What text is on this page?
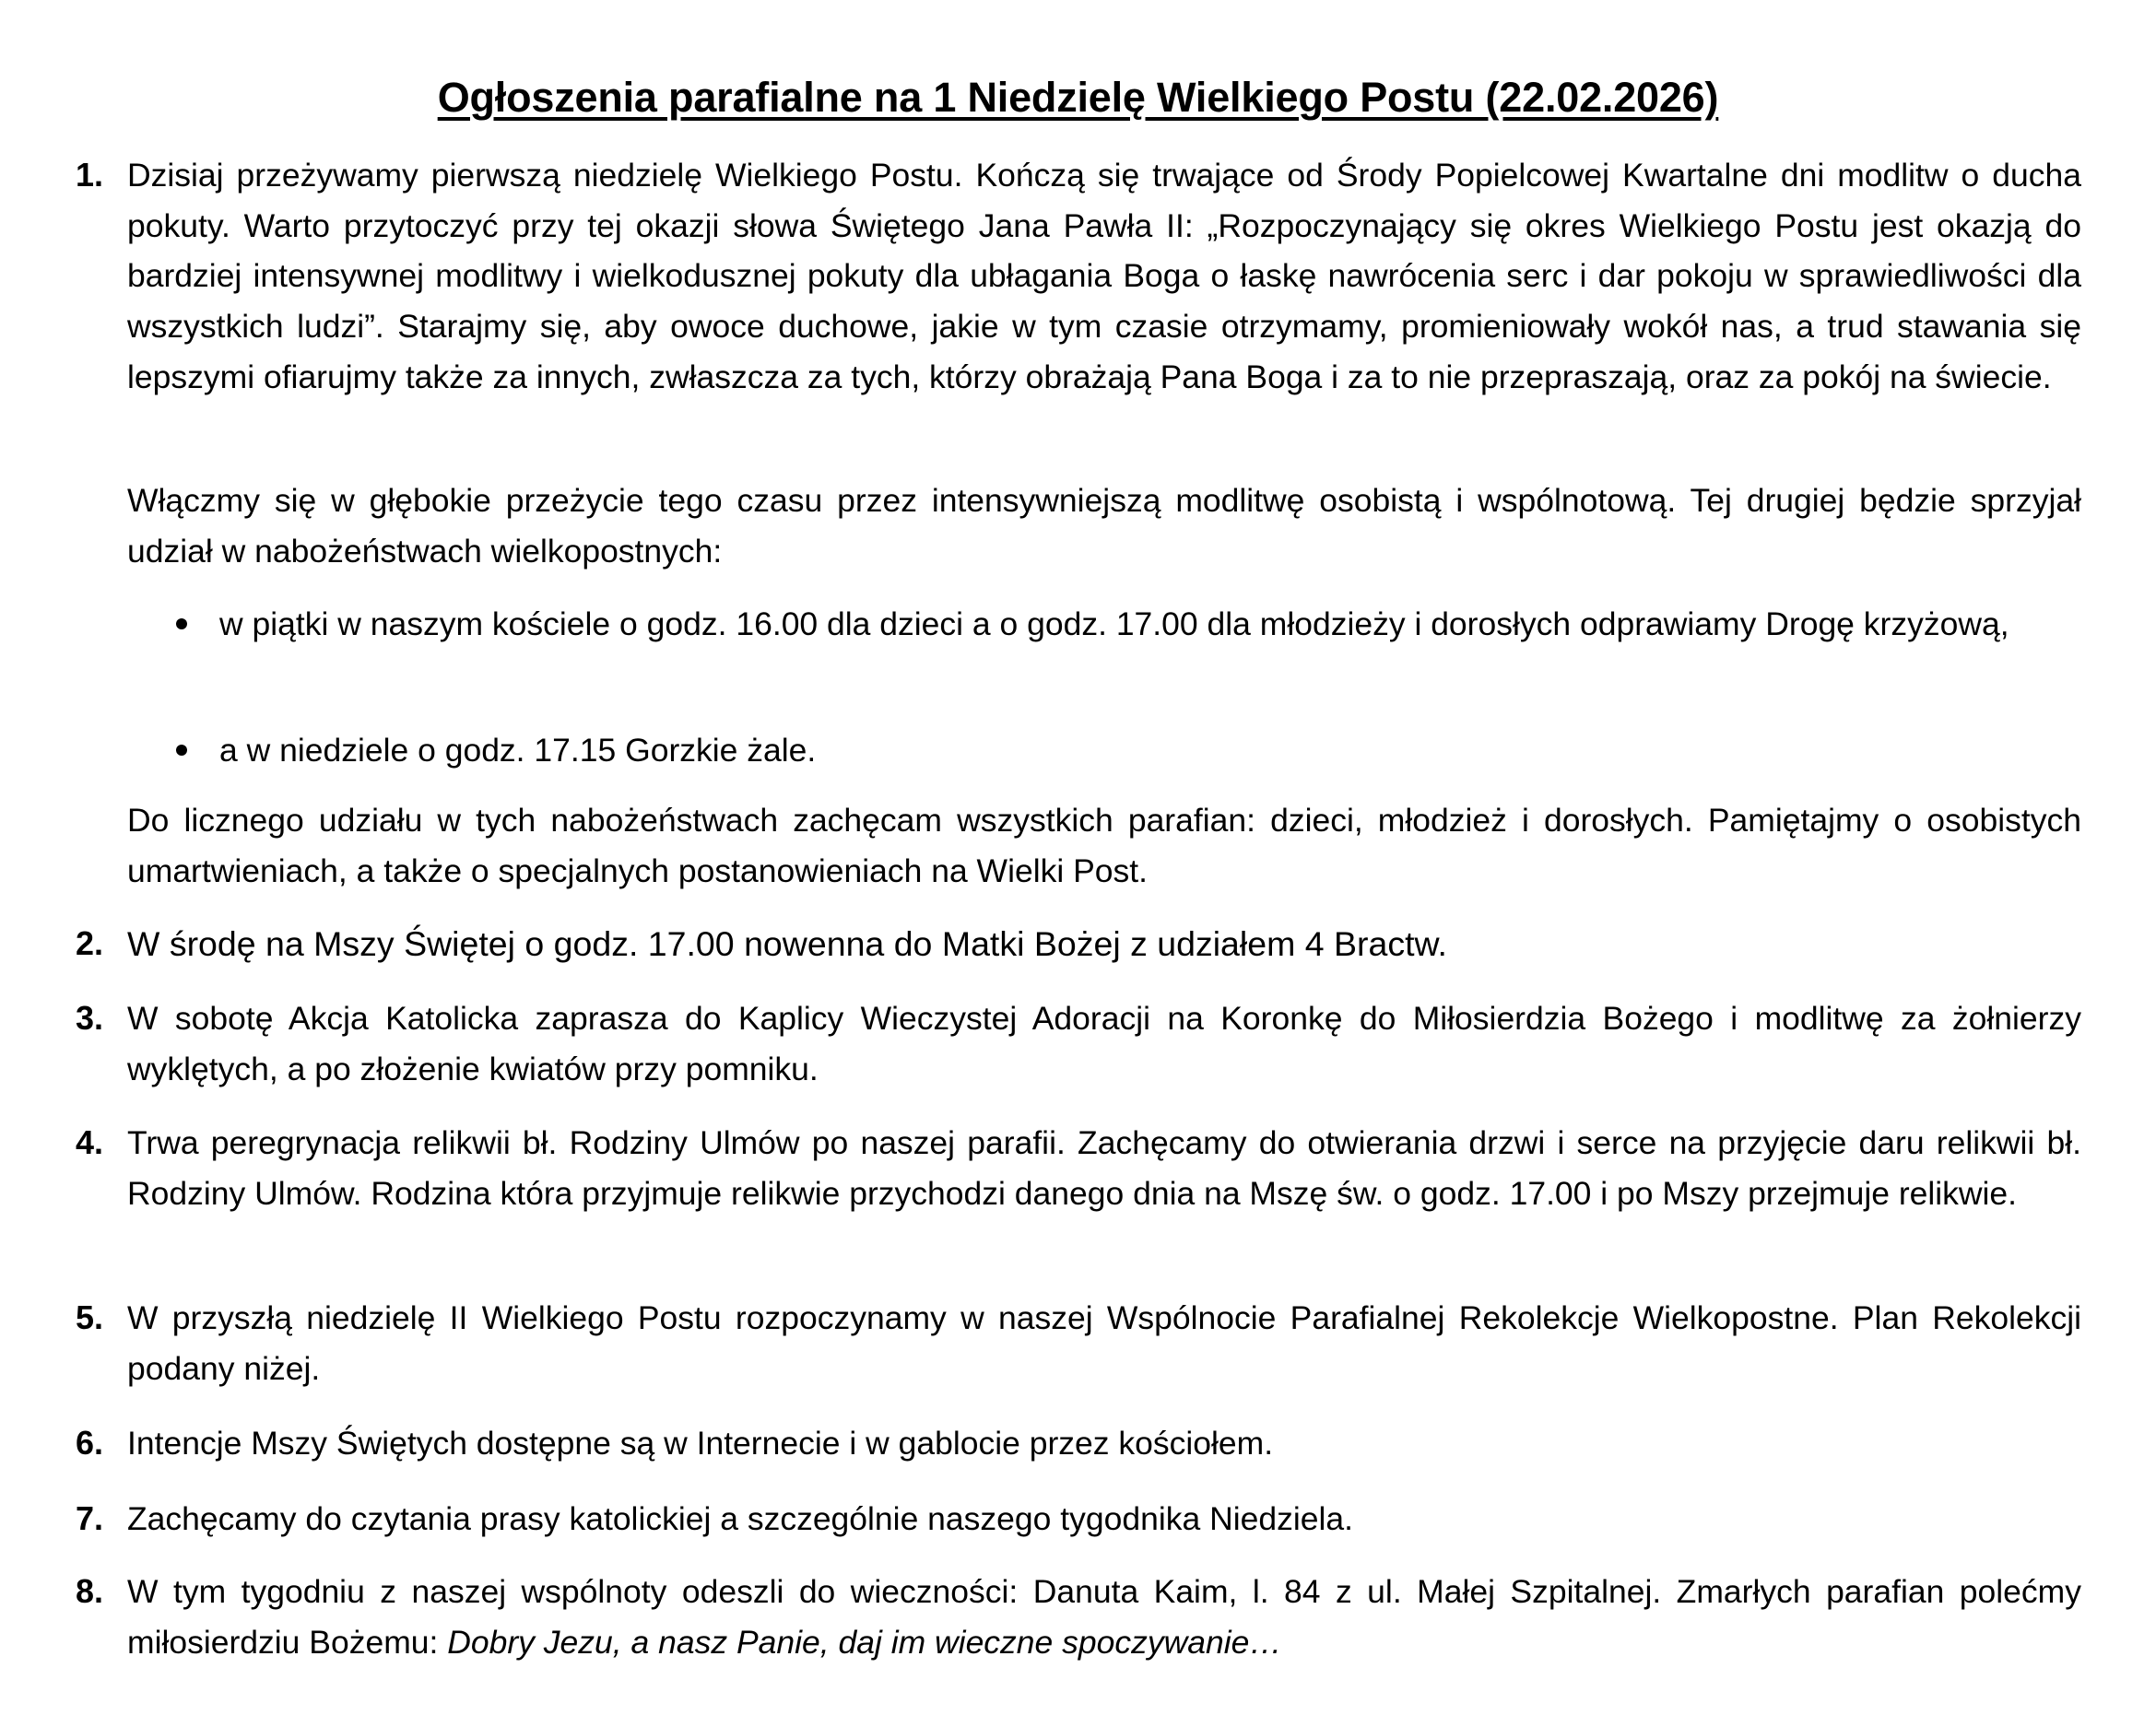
Ogłoszenia parafialne na 1 Niedzielę Wielkiego Postu (22.02.2026)
1. Dzisiaj przeżywamy pierwszą niedzielę Wielkiego Postu. Kończą się trwające od Środy Popielcowej Kwartalne dni modlitw o ducha pokuty. Warto przytoczyć przy tej okazji słowa Świętego Jana Pawła II: „Rozpoczynający się okres Wielkiego Postu jest okazją do bardziej intensywnej modlitwy i wielkodusznej pokuty dla ubłagania Boga o łaskę nawrócenia serc i dar pokoju w sprawiedliwości dla wszystkich ludzi”. Starajmy się, aby owoce duchowe, jakie w tym czasie otrzymamy, promieniowały wokół nas, a trud stawania się lepszymi ofiarujmy także za innych, zwłaszcza za tych, którzy obrażają Pana Boga i za to nie przepraszają, oraz za pokój na świecie.
Włączmy się w głębokie przeżycie tego czasu przez intensywniejszą modlitwę osobistą i wspólnotową. Tej drugiej będzie sprzyjał udział w nabożeństwach wielkopostnych:
w piątki w naszym kościele o godz. 16.00 dla dzieci a o godz. 17.00 dla młodzieży i dorosłych odprawiamy Drogę krzyżową,
a w niedziele o godz. 17.15 Gorzkie żale.
Do licznego udziału w tych nabożeństwach zachęcam wszystkich parafian: dzieci, młodzież i dorosłych. Pamiętajmy o osobistych umartwieniach, a także o specjalnych postanowieniach na Wielki Post.
2. W środę na Mszy Świętej o godz. 17.00 nowenna do Matki Bożej z udziałem 4 Bractw.
3. W sobotę Akcja Katolicka zaprasza do Kaplicy Wieczystej Adoracji na Koronkę do Miłosierdzia Bożego i modlitwę za żołnierzy wyklętych, a po złożenie kwiatów przy pomniku.
4. Trwa peregrynacja relikwii bł. Rodziny Ulmów po naszej parafii. Zachęcamy do otwierania drzwi i serce na przyjęcie daru relikwii bł. Rodziny Ulmów. Rodzina która przyjmuje relikwie przychodzi danego dnia na Mszę św. o godz. 17.00 i po Mszy przejmuje relikwie.
5. W przyszłą niedzielę II Wielkiego Postu rozpoczynamy w naszej Wspólnocie Parafialnej Rekolekcje Wielkopostne. Plan Rekolekcji podany niżej.
6. Intencje Mszy Świętych dostępne są w Internecie i w gablocie przez kościołem.
7. Zachęcamy do czytania prasy katolickiej a szczególnie naszego tygodnika Niedziela.
8. W tym tygodniu z naszej wspólnoty odeszli do wieczności: Danuta Kaim, l. 84 z ul. Małej Szpitalnej. Zmarłych parafian polećmy miłosierdziu Bożemu: Dobry Jezu, a nasz Panie, daj im wieczne spoczywanie…
